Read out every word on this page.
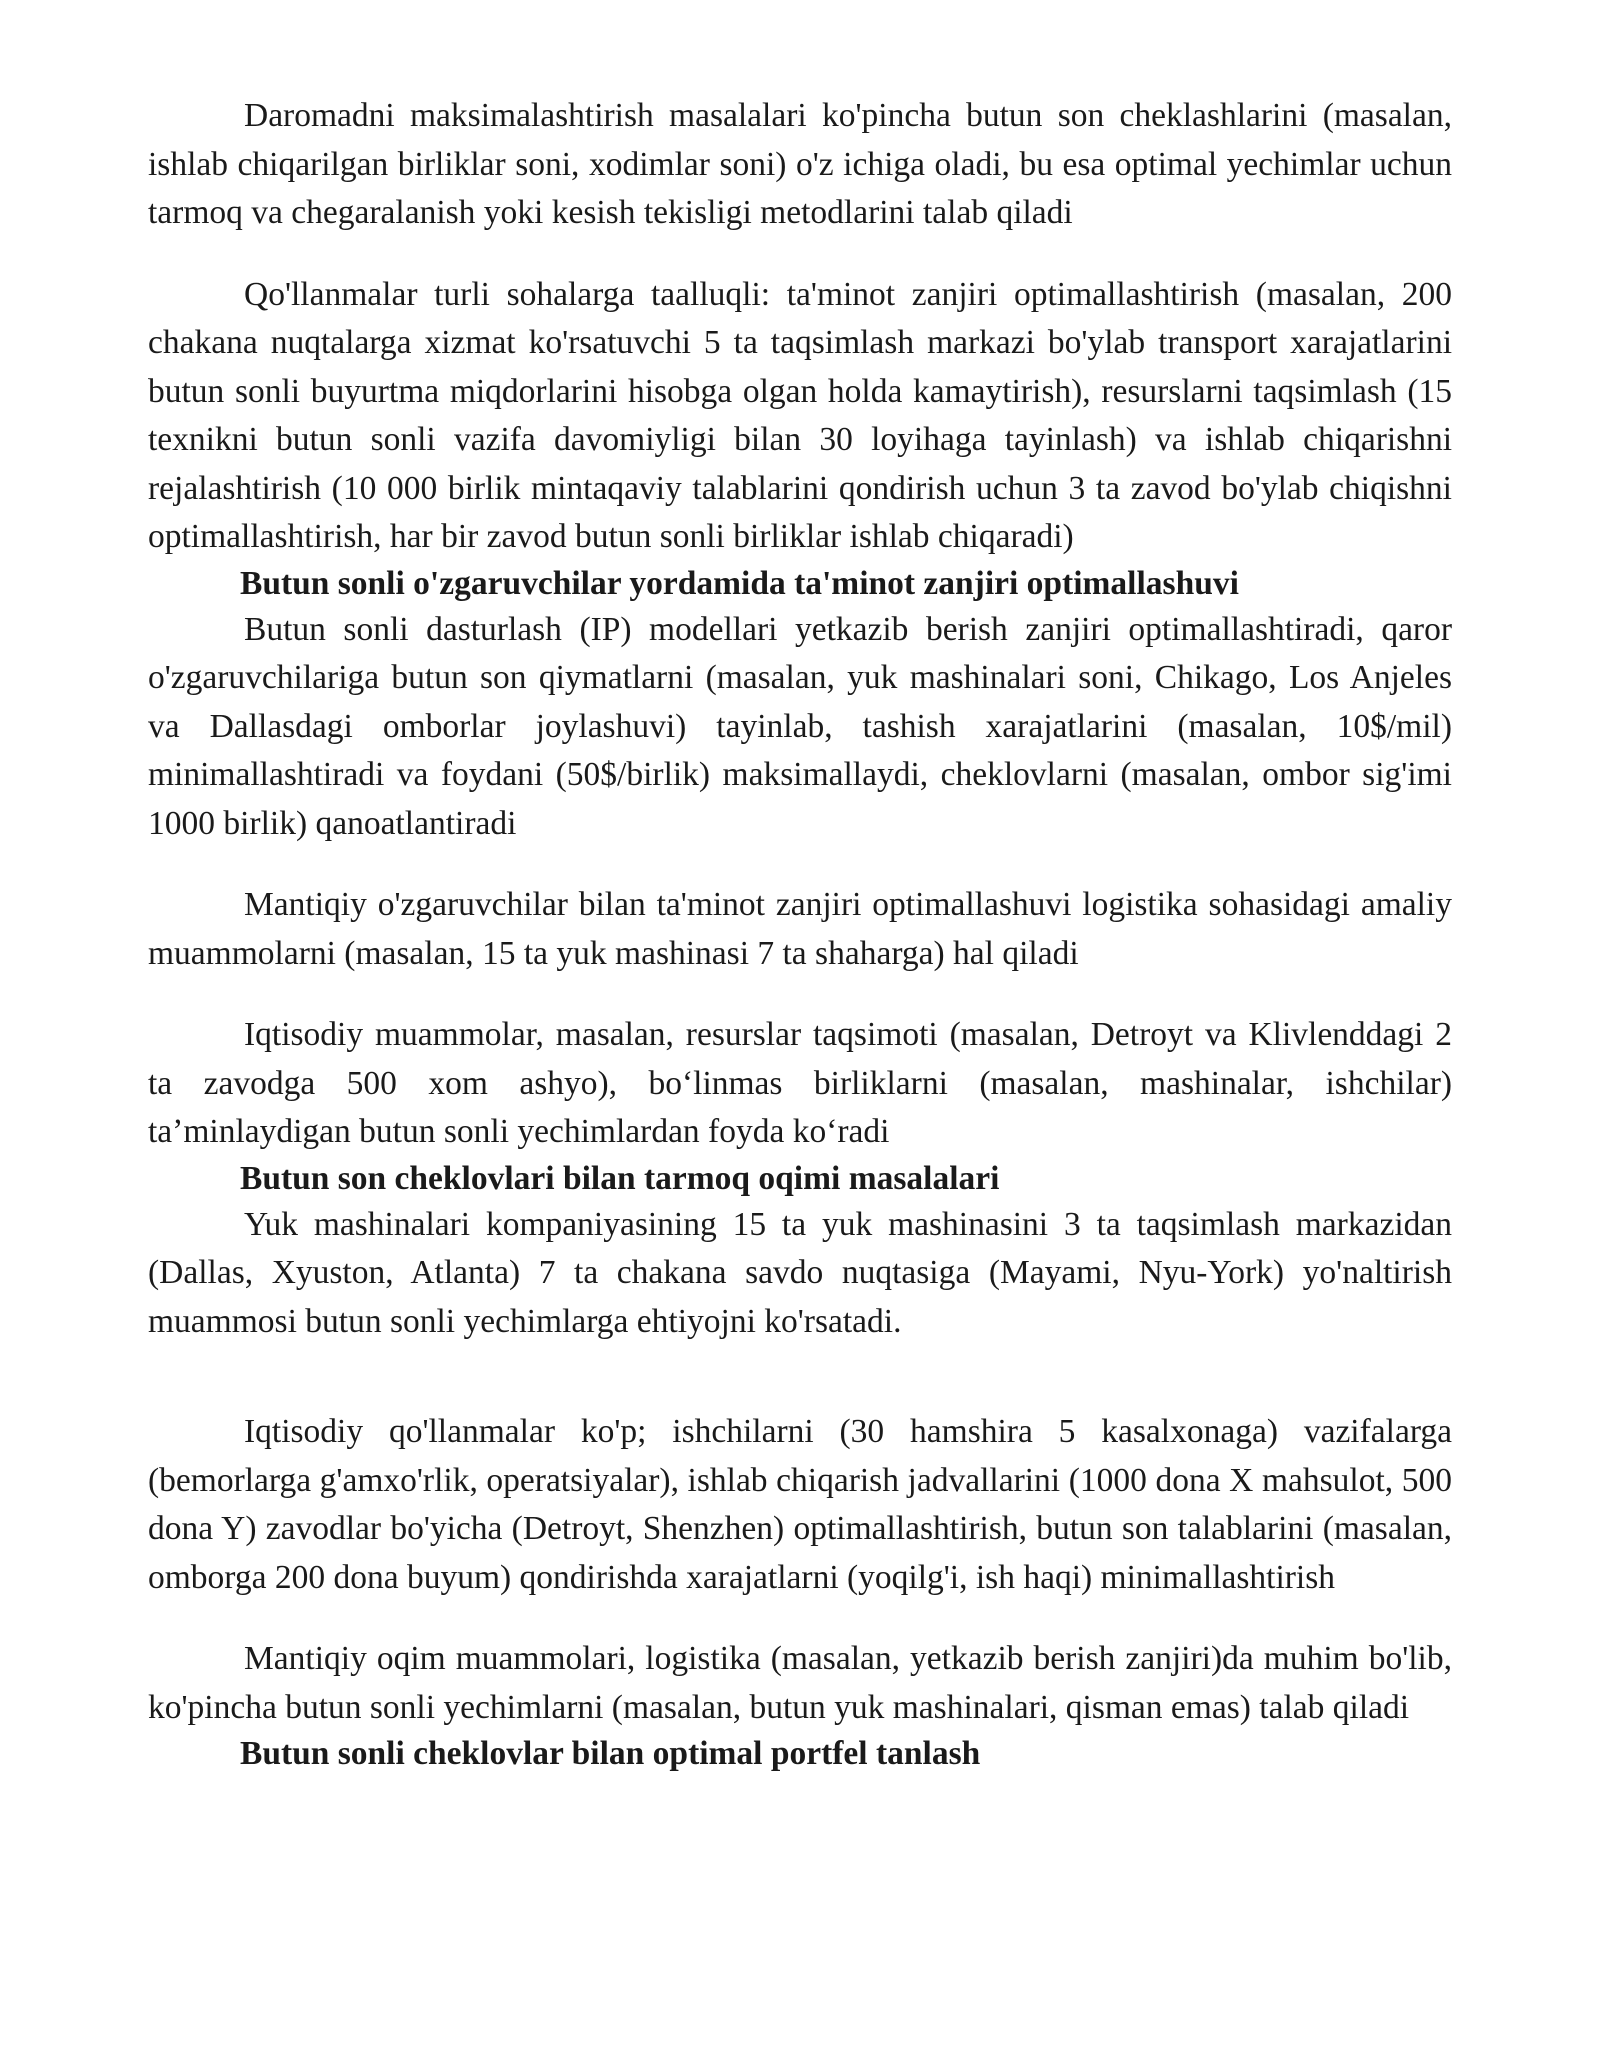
Daromadni maksimalashtirish masalalari ko'pincha butun son cheklashlarini (masalan, ishlab chiqarilgan birliklar soni, xodimlar soni) o'z ichiga oladi, bu esa optimal yechimlar uchun tarmoq va chegaralanish yoki kesish tekisligi metodlarini talab qiladi

Qo'llanmalar turli sohalarga taalluqli: ta'minot zanjiri optimallashtirish (masalan, 200 chakana nuqtalarga xizmat ko'rsatuvchi 5 ta taqsimlash markazi bo'ylab transport xarajatlarini butun sonli buyurtma miqdorlarini hisobga olgan holda kamaytirish), resurslarni taqsimlash (15 texnikni butun sonli vazifa davomiyligi bilan 30 loyihaga tayinlash) va ishlab chiqarishni rejalashtirish (10 000 birlik mintaqaviy talablarini qondirish uchun 3 ta zavod bo'ylab chiqishni optimallashtirish, har bir zavod butun sonli birliklar ishlab chiqaradi)

Butun sonli o'zgaruvchilar yordamida ta'minot zanjiri optimallashuvi

Butun sonli dasturlash (IP) modellari yetkazib berish zanjiri optimallashtiradi, qaror o'zgaruvchilariga butun son qiymatlarni (masalan, yuk mashinalari soni, Chikago, Los Anjeles va Dallasdagi omborlar joylashuvi) tayinlab, tashish xarajatlarini (masalan, 10$/mil) minimallashtiradi va foydani (50$/birlik) maksimallaydi, cheklovlarni (masalan, ombor sig'imi 1000 birlik) qanoatlantiradi

Mantiqiy o'zgaruvchilar bilan ta'minot zanjiri optimallashuvi logistika sohasidagi amaliy muammolarni (masalan, 15 ta yuk mashinasi 7 ta shaharga) hal qiladi

Iqtisodiy muammolar, masalan, resurslar taqsimoti (masalan, Detroyt va Klivlenddagi 2 ta zavodga 500 xom ashyo), boʻlinmas birliklarni (masalan, mashinalar, ishchilar) taʼminlaydigan butun sonli yechimlardan foyda koʻradi

Butun son cheklovlari bilan tarmoq oqimi masalalari

Yuk mashinalari kompaniyasining 15 ta yuk mashinasini 3 ta taqsimlash markazidan (Dallas, Xyuston, Atlanta) 7 ta chakana savdo nuqtasiga (Mayami, Nyu-York) yo'naltirish muammosi butun sonli yechimlarga ehtiyojni ko'rsatadi.

Iqtisodiy qo'llanmalar ko'p; ishchilarni (30 hamshira 5 kasalxonaga) vazifalarga (bemorlarga g'amxo'rlik, operatsiyalar), ishlab chiqarish jadvallarini (1000 dona X mahsulot, 500 dona Y) zavodlar bo'yicha (Detroyt, Shenzhen) optimallashtirish, butun son talablarini (masalan, omborga 200 dona buyum) qondirishda xarajatlarni (yoqilg'i, ish haqi) minimallashtirish

Mantiqiy oqim muammolari, logistika (masalan, yetkazib berish zanjiri)da muhim bo'lib, ko'pincha butun sonli yechimlarni (masalan, butun yuk mashinalari, qisman emas) talab qiladi

Butun sonli cheklovlar bilan optimal portfel tanlash
